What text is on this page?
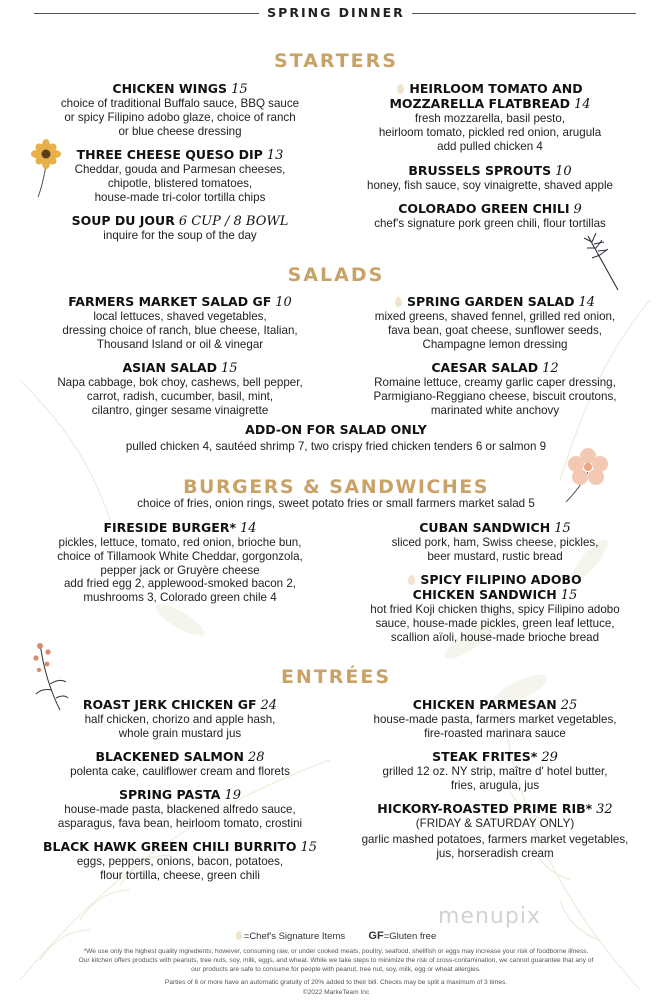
SPRING DINNER
STARTERS
CHICKEN WINGS 15
choice of traditional Buffalo sauce, BBQ sauce
or spicy Filipino adobo glaze, choice of ranch
or blue cheese dressing
THREE CHEESE QUESO DIP 13
Cheddar, gouda and Parmesan cheeses,
chipotle, blistered tomatoes,
house-made tri-color tortilla chips
SOUP DU JOUR 6 CUP / 8 BOWL
inquire for the soup of the day
HEIRLOOM TOMATO AND
MOZZARELLA FLATBREAD 14
fresh mozzarella, basil pesto,
heirloom tomato, pickled red onion, arugula
add pulled chicken 4
BRUSSELS SPROUTS 10
honey, fish sauce, soy vinaigrette, shaved apple
COLORADO GREEN CHILI 9
chef's signature pork green chili, flour tortillas
SALADS
FARMERS MARKET SALAD GF 10
local lettuces, shaved vegetables,
dressing choice of ranch, blue cheese, Italian,
Thousand Island or oil & vinegar
ASIAN SALAD 15
Napa cabbage, bok choy, cashews, bell pepper,
carrot, radish, cucumber, basil, mint,
cilantro, ginger sesame vinaigrette
SPRING GARDEN SALAD 14
mixed greens, shaved fennel, grilled red onion,
fava bean, goat cheese, sunflower seeds,
Champagne lemon dressing
CAESAR SALAD 12
Romaine lettuce, creamy garlic caper dressing,
Parmigiano-Reggiano cheese, biscuit croutons,
marinated white anchovy
ADD-ON FOR SALAD ONLY
pulled chicken 4, sautéed shrimp 7, two crispy fried chicken tenders 6 or salmon 9
BURGERS & SANDWICHES
choice of fries, onion rings, sweet potato fries or small farmers market salad 5
FIRESIDE BURGER* 14
pickles, lettuce, tomato, red onion, brioche bun,
choice of Tillamook White Cheddar, gorgonzola,
pepper jack or Gruyère cheese
add fried egg 2, applewood-smoked bacon 2,
mushrooms 3, Colorado green chile 4
CUBAN SANDWICH 15
sliced pork, ham, Swiss cheese, pickles,
beer mustard, rustic bread
SPICY FILIPINO ADOBO
CHICKEN SANDWICH 15
hot fried Koji chicken thighs, spicy Filipino adobo
sauce, house-made pickles, green leaf lettuce,
scallion aïoli, house-made brioche bread
ENTRÉES
ROAST JERK CHICKEN GF 24
half chicken, chorizo and apple hash,
whole grain mustard jus
BLACKENED SALMON 28
polenta cake, cauliflower cream and florets
SPRING PASTA 19
house-made pasta, blackened alfredo sauce,
asparagus, fava bean, heirloom tomato, crostini
BLACK HAWK GREEN CHILI BURRITO 15
eggs, peppers, onions, bacon, potatoes,
flour tortilla, cheese, green chili
CHICKEN PARMESAN 25
house-made pasta, farmers market vegetables,
fire-roasted marinara sauce
STEAK FRITES* 29
grilled 12 oz. NY strip, maître d' hotel butter,
fries, arugula, jus
HICKORY-ROASTED PRIME RIB* 32
(FRIDAY & SATURDAY ONLY)
garlic mashed potatoes, farmers market vegetables,
jus, horseradish cream
menupix
=Chef's Signature Items GF=Gluten free
*We use only the highest quality ingredients; however, consuming raw, or under cooked meats, poultry, seafood, shellfish or eggs may increase your risk of foodborne illness.
Our kitchen offers products with peanuts, tree nuts, soy, milk, eggs, and wheat. While we take steps to minimize the risk of cross-contamination, we cannot guarantee that any of
our products are safe to consume for people with peanut, tree nut, soy, milk, egg or wheat allergies.
Parties of 6 or more have an automatic gratuity of 20% added to their bill. Checks may be split a maximum of 3 times.
©2022 MarkeTeam Inc
